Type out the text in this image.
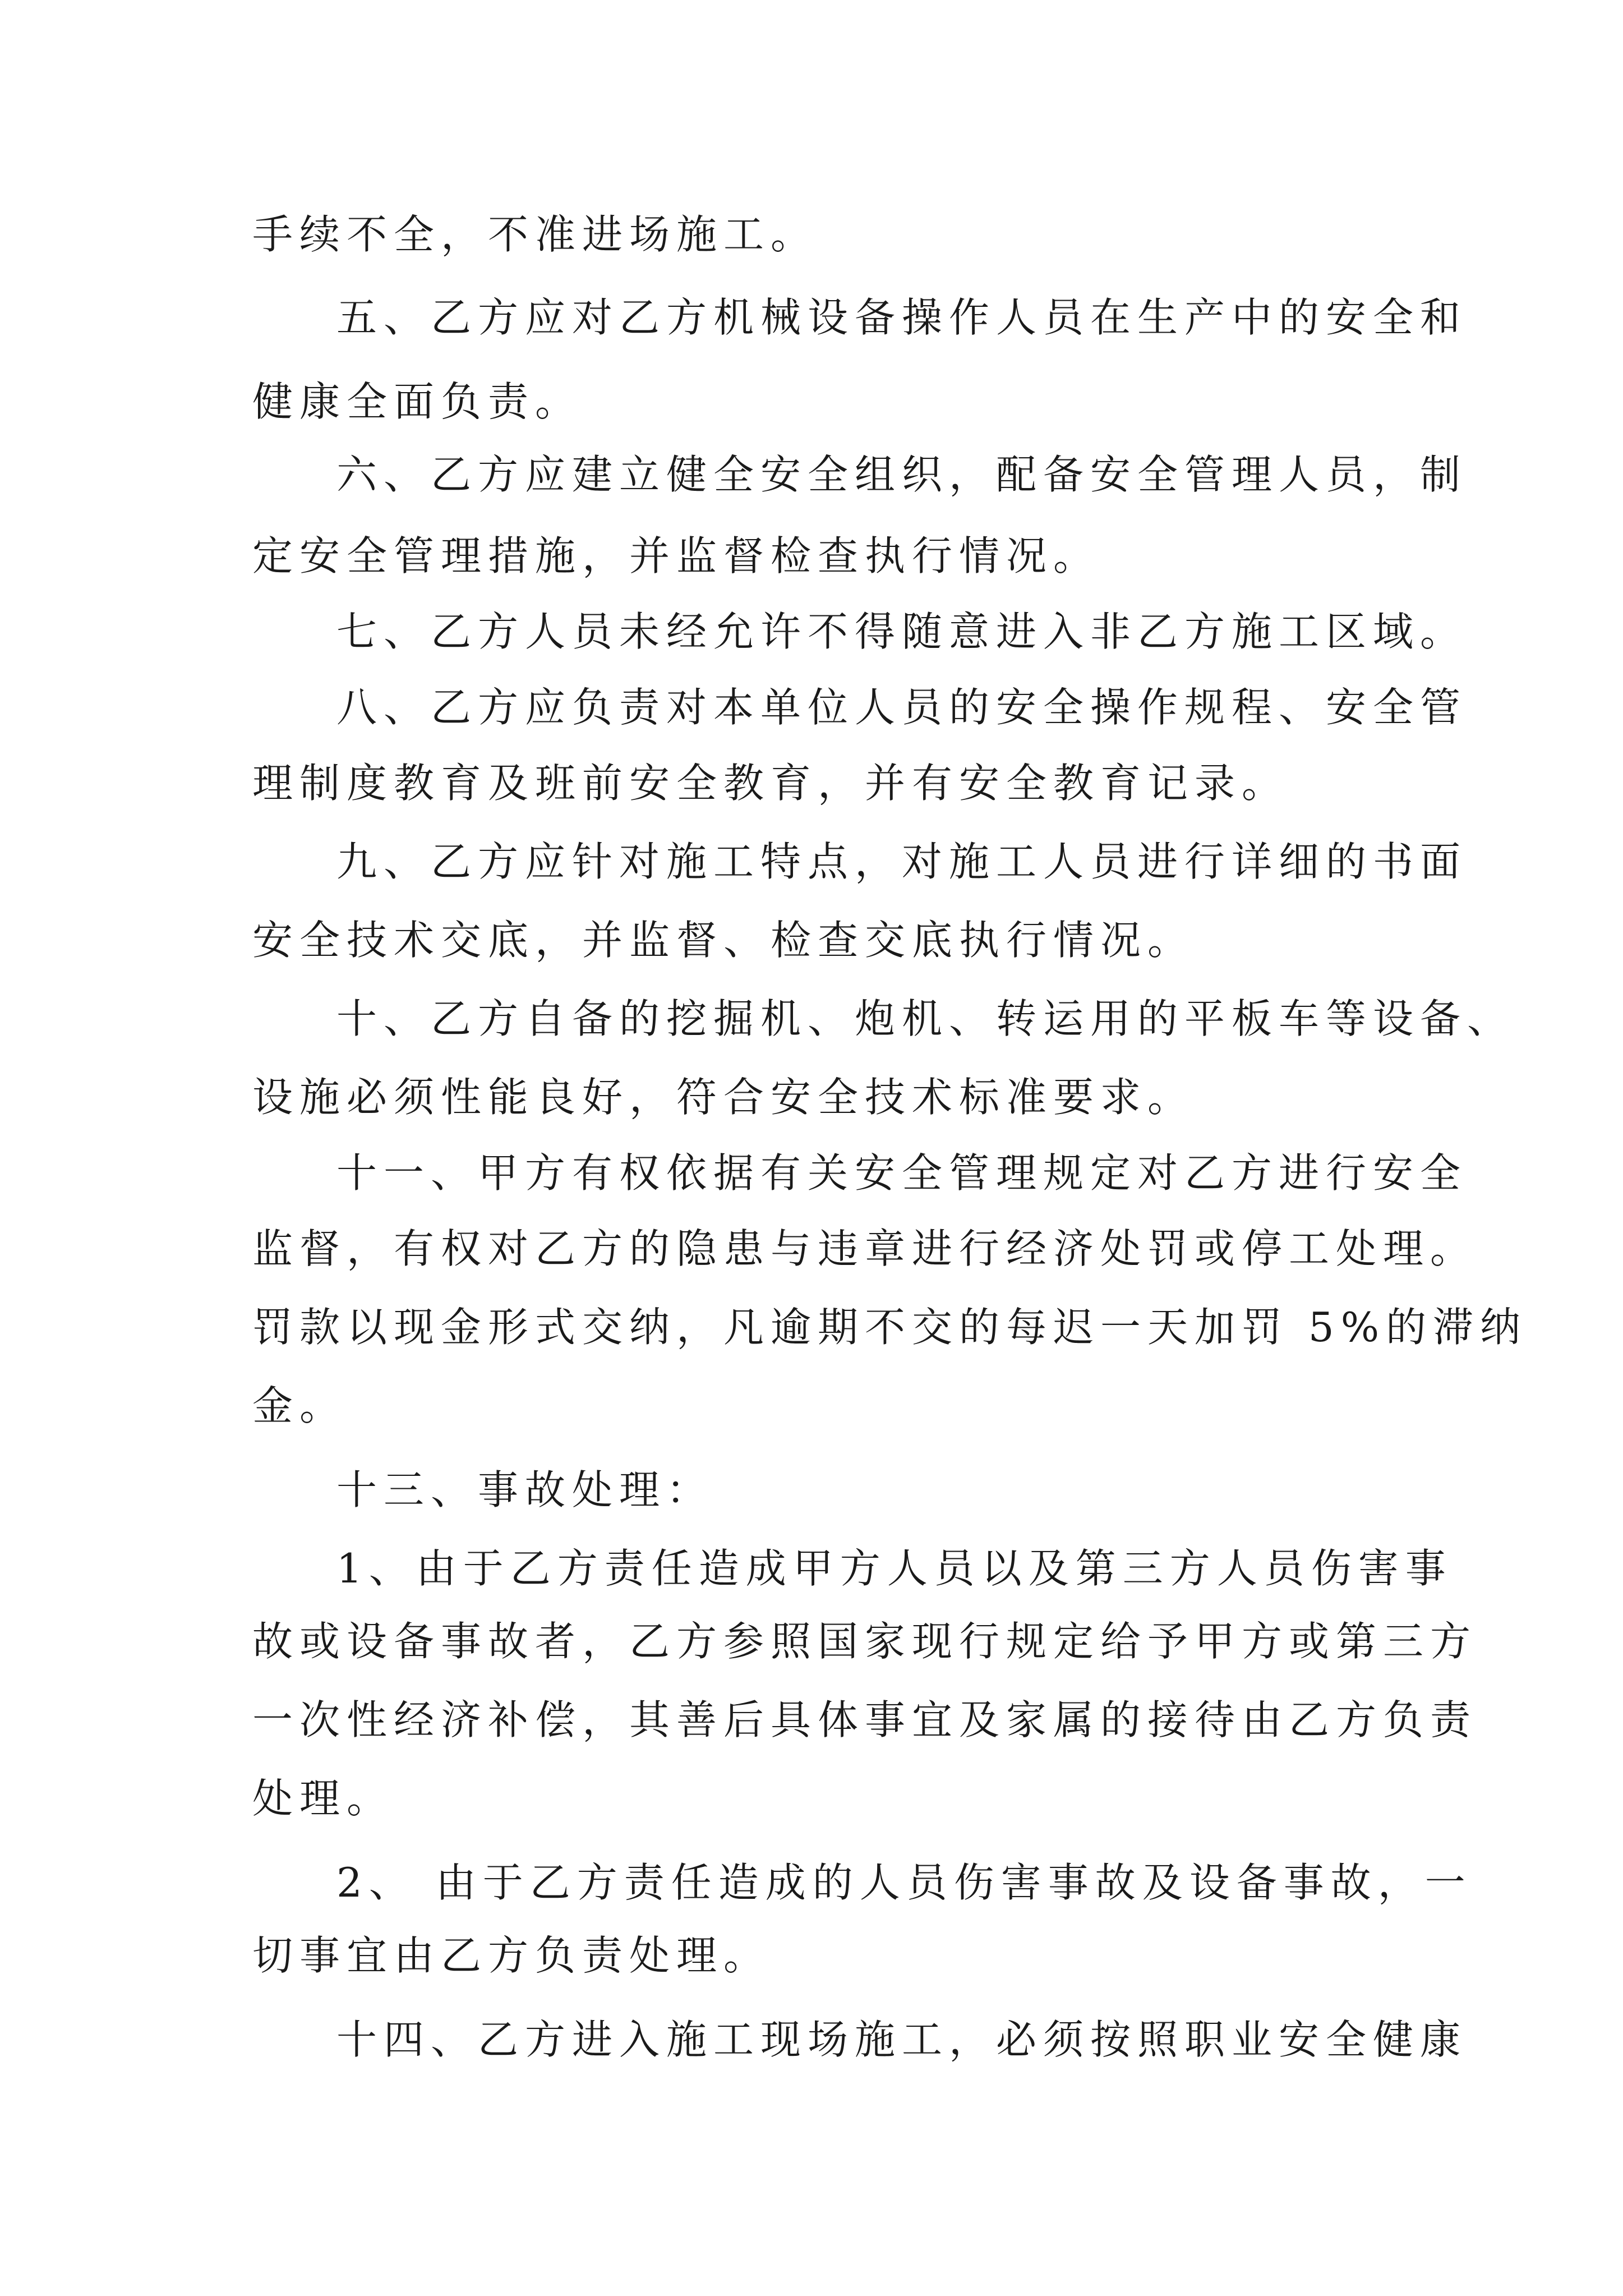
手续不全，不准进场施工。

五、乙方应对乙方机械设备操作人员在生产中的安全和

健康全面负责。

六、乙方应建立健全安全组织，配备安全管理人员，制

定安全管理措施，并监督检查执行情况。

七、乙方人员未经允许不得随意进入非乙方施工区域。

八、乙方应负责对本单位人员的安全操作规程、安全管

理制度教育及班前安全教育，并有安全教育记录。

九、乙方应针对施工特点，对施工人员进行详细的书面

安全技术交底，并监督、检查交底执行情况。

十、乙方自备的挖掘机、炮机、转运用的平板车等设备、

设施必须性能良好，符合安全技术标准要求。

十一、甲方有权依据有关安全管理规定对乙方进行安全

监督，有权对乙方的隐患与违章进行经济处罚或停工处理。

罚款以现金形式交纳，凡逾期不交的每迟一天加罚 5%的滞纳

金。

十三、事故处理：

1、由于乙方责任造成甲方人员以及第三方人员伤害事

故或设备事故者，乙方参照国家现行规定给予甲方或第三方

一次性经济补偿，其善后具体事宜及家属的接待由乙方负责

处理。

2、 由于乙方责任造成的人员伤害事故及设备事故，一

切事宜由乙方负责处理。

十四、乙方进入施工现场施工，必须按照职业安全健康
